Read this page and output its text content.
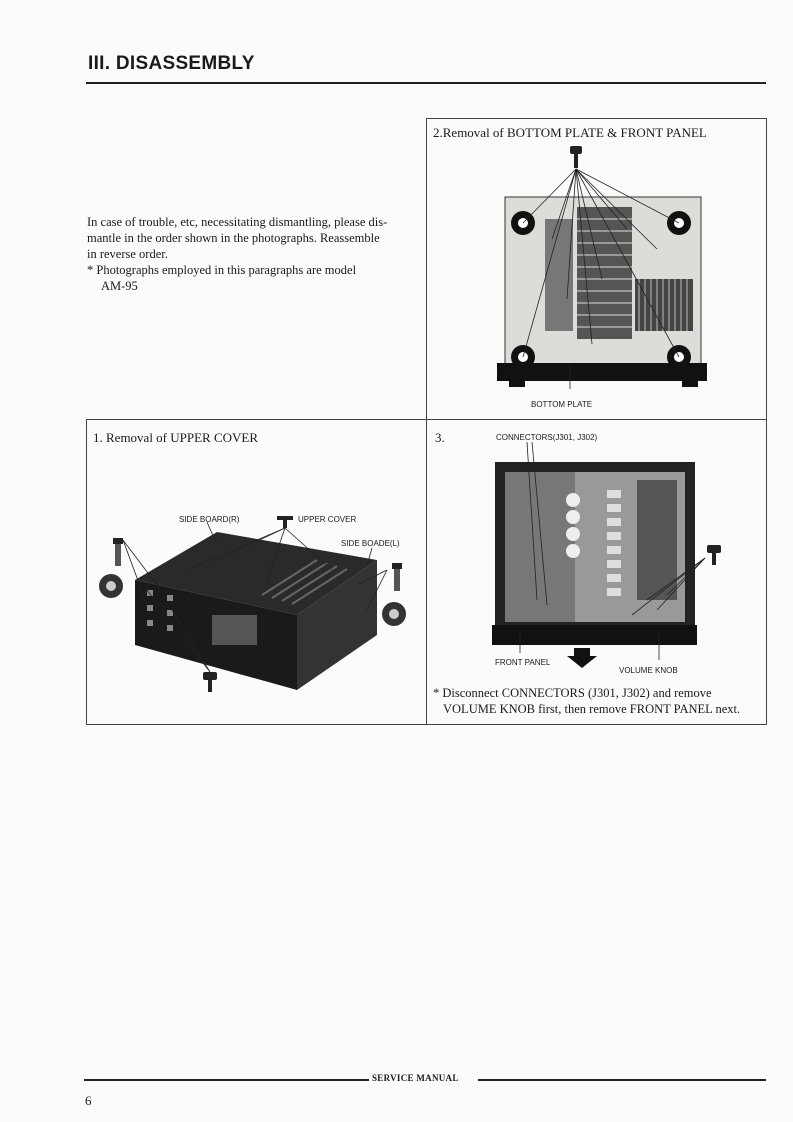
III. DISASSEMBLY
In case of trouble, etc, necessitating dismantling, please dis-
mantle in the order shown in the photographs. Reassemble
in reverse order.
* Photographs employed in this paragraphs are model
AM-95
2.Removal of BOTTOM PLATE & FRONT PANEL
BOTTOM PLATE
1. Removal of UPPER COVER
SIDE BOARD(R)	UPPER COVER
SIDE BOADE(L)
3.	CONNECTORS(J301, J302)
FRONT PANEL
VOLUME KNOB
* Disconnect CONNECTORS (J301, J302) and remove
VOLUME KNOB first, then remove FRONT PANEL next.
SERVICE MANUAL
6
